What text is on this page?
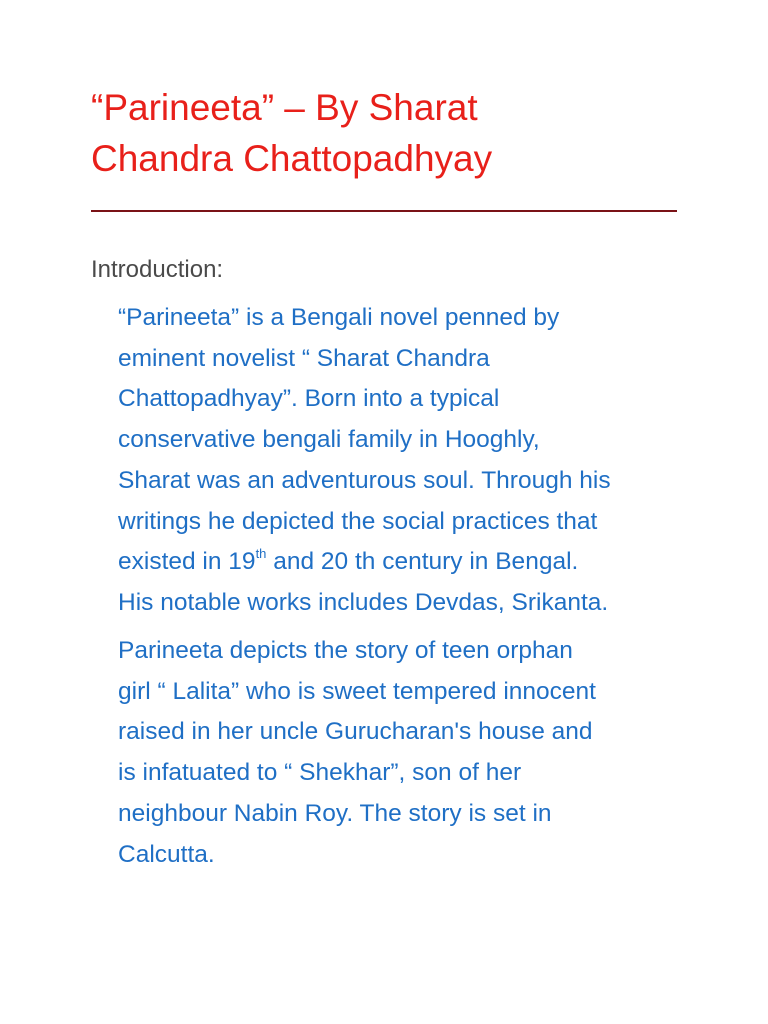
“Parineeta” – By Sharat
Chandra Chattopadhyay
Introduction:

“Parineeta” is a Bengali novel penned by
eminent novelist “ Sharat Chandra
Chattopadhyay”. Born into a typical
conservative bengali family in Hooghly,
Sharat was an adventurous soul. Through his
writings he depicted the social practices that
existed in 19th and 20 th century in Bengal.
His notable works includes Devdas, Srikanta.

Parineeta depicts the story of teen orphan
girl “ Lalita” who is sweet tempered innocent
raised in her uncle Gurucharan's house and
is infatuated to “ Shekhar”, son of her
neighbour Nabin Roy. The story is set in
Calcutta.
